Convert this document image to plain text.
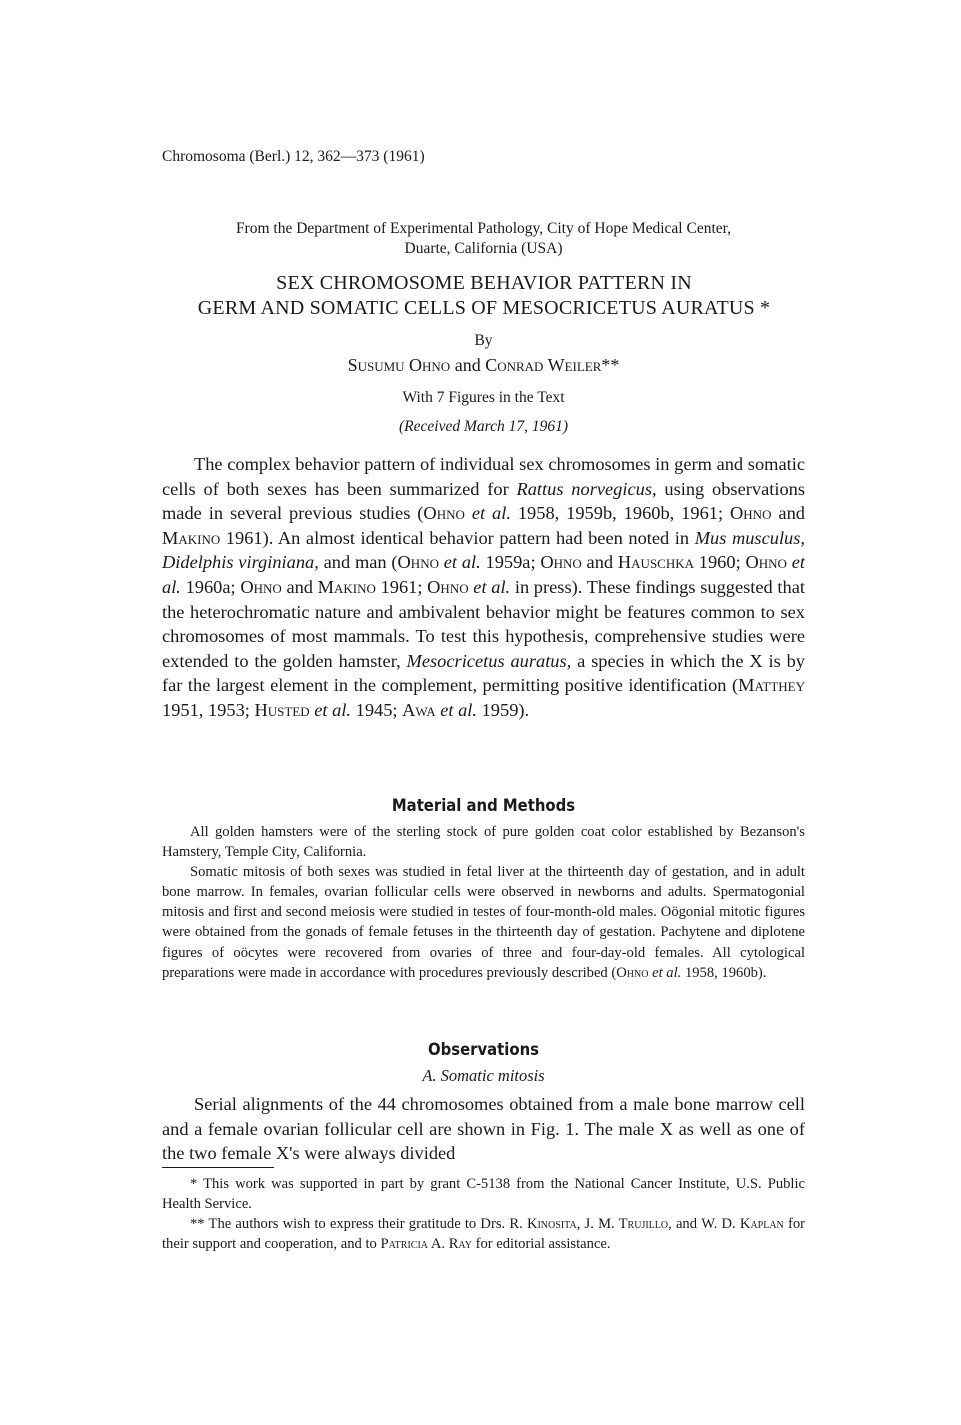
Chromosoma (Berl.) 12, 362—373 (1961)
From the Department of Experimental Pathology, City of Hope Medical Center,
Duarte, California (USA)
SEX CHROMOSOME BEHAVIOR PATTERN IN
GERM AND SOMATIC CELLS OF MESOCRICETUS AURATUS *
By
Susumu Ohno and Conrad Weiler**
With 7 Figures in the Text
(Received March 17, 1961)

The complex behavior pattern of individual sex chromosomes in germ and somatic cells of both sexes has been summarized for Rattus norvegicus, using observations made in several previous studies (Ohno et al. 1958, 1959b, 1960b, 1961; Ohno and Makino 1961). An almost identical behavior pattern had been noted in Mus musculus, Didelphis virginiana, and man (Ohno et al. 1959a; Ohno and Hauschka 1960; Ohno et al. 1960a; Ohno and Makino 1961; Ohno et al. in press). These findings suggested that the heterochromatic nature and ambivalent behavior might be features common to sex chromosomes of most mammals. To test this hypothesis, comprehensive studies were extended to the golden hamster, Mesocricetus auratus, a species in which the X is by far the largest element in the complement, permitting positive identification (Matthey 1951, 1953; Husted et al. 1945; Awa et al. 1959).

Material and Methods

All golden hamsters were of the sterling stock of pure golden coat color established by Bezanson's Hamstery, Temple City, California.

Somatic mitosis of both sexes was studied in fetal liver at the thirteenth day of gestation, and in adult bone marrow. In females, ovarian follicular cells were observed in newborns and adults. Spermatogonial mitosis and first and second meiosis were studied in testes of four-month-old males. Oögonial mitotic figures were obtained from the gonads of female fetuses in the thirteenth day of gestation. Pachytene and diplotene figures of oöcytes were recovered from ovaries of three and four-day-old females. All cytological preparations were made in accordance with procedures previously described (Ohno et al. 1958, 1960b).

Observations
A. Somatic mitosis

Serial alignments of the 44 chromosomes obtained from a male bone marrow cell and a female ovarian follicular cell are shown in Fig. 1. The male X as well as one of the two female X's were always divided

* This work was supported in part by grant C-5138 from the National Cancer Institute, U.S. Public Health Service.

** The authors wish to express their gratitude to Drs. R. Kinosita, J. M. Trujillo, and W. D. Kaplan for their support and cooperation, and to Patricia A. Ray for editorial assistance.
